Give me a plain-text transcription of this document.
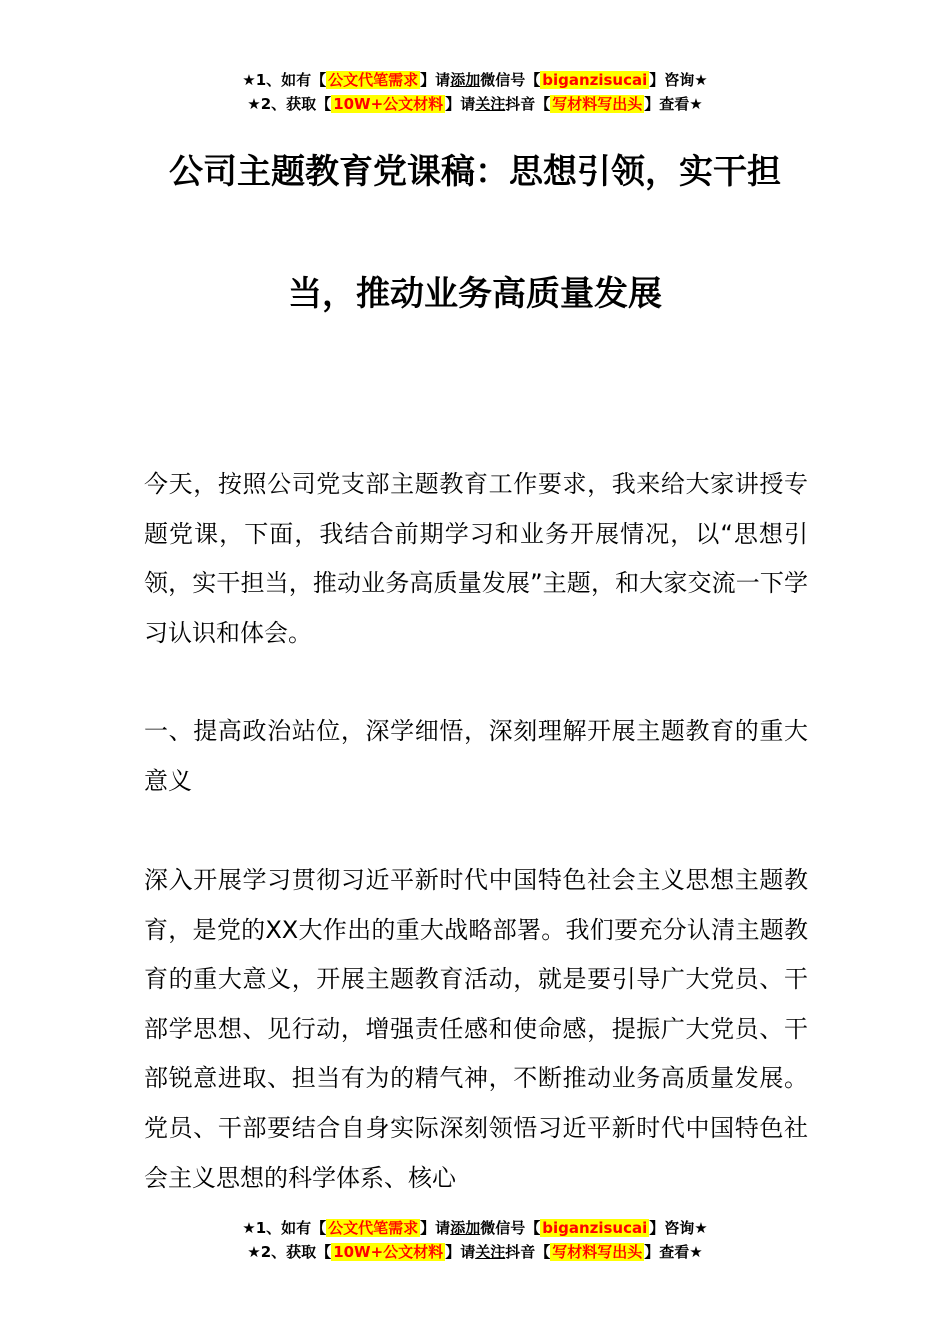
★1、如有【 公文代笔需求 】请添加微信号【 biganzisucai 】咨询★
★2、获取【 10W+公文材料 】请关注抖音【 写材料写出头 】查看★
公司主题教育党课稿：思想引领，实干担
当，推动业务高质量发展
今天，按照公司党支部主题教育工作要求，我来给大家讲授专题党课，下面，我结合前期学习和业务开展情况，以“思想引领，实干担当，推动业务高质量发展”主题，和大家交流一下学习认识和体会。
一、提高政治站位，深学细悟，深刻理解开展主题教育的重大意义
深入开展学习贯彻习近平新时代中国特色社会主义思想主题教育，是党的XX大作出的重大战略部署。我们要充分认清主题教育的重大意义，开展主题教育活动，就是要引导广大党员、干部学思想、见行动，增强责任感和使命感，提振广大党员、干部锐意进取、担当有为的精气神，不断推动业务高质量发展。党员、干部要结合自身实际深刻领悟习近平新时代中国特色社会主义思想的科学体系、核心
★1、如有【 公文代笔需求 】请添加微信号【 biganzisucai 】咨询★
★2、获取【 10W+公文材料 】请关注抖音【 写材料写出头 】查看★
